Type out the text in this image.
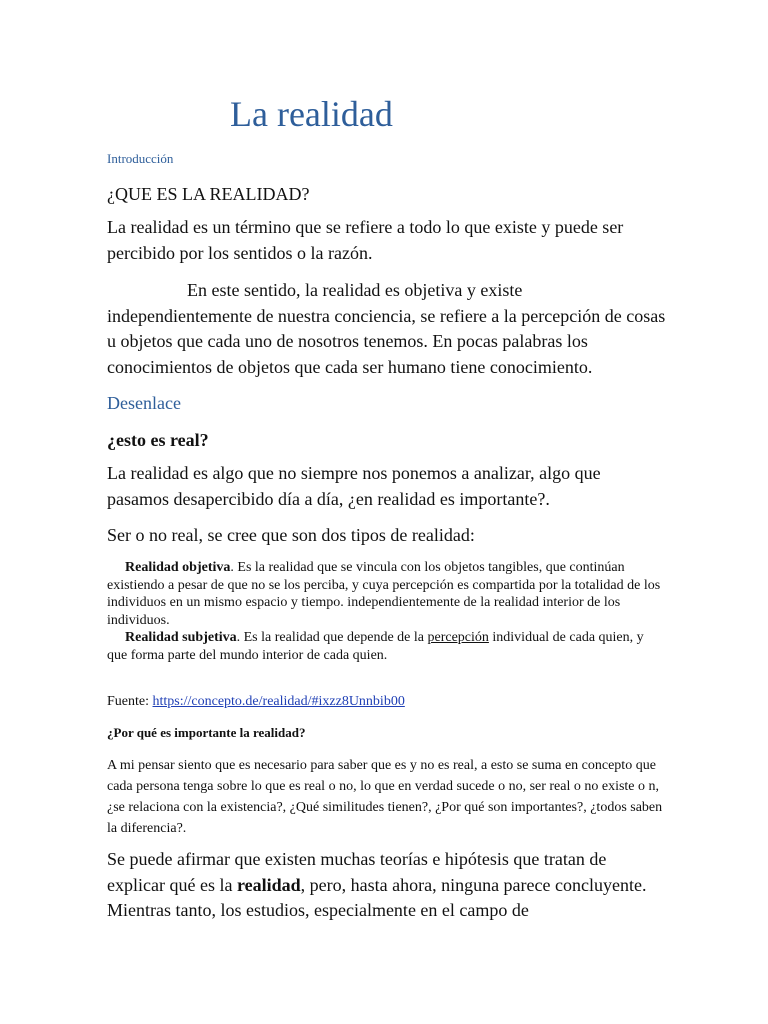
La realidad
Introducción

¿QUE ES LA REALIDAD?

La realidad es un término que se refiere a todo lo que existe y puede ser percibido por los sentidos o la razón.

En este sentido, la realidad es objetiva y existe independientemente de nuestra conciencia, se refiere a la percepción de cosas u objetos que cada uno de nosotros tenemos. En pocas palabras los conocimientos de objetos que cada ser humano tiene conocimiento.

Desenlace
¿esto es real?

La realidad es algo que no siempre nos ponemos a analizar, algo que pasamos desapercibido día a día, ¿en realidad es importante?.

Ser o no real, se cree que son dos tipos de realidad:

Realidad objetiva. Es la realidad que se vincula con los objetos tangibles, que continúan existiendo a pesar de que no se los perciba, y cuya percepción es compartida por la totalidad de los individuos en un mismo espacio y tiempo. independientemente de la realidad interior de los individuos.

Realidad subjetiva. Es la realidad que depende de la percepción individual de cada quien, y que forma parte del mundo interior de cada quien.

Fuente: https://concepto.de/realidad/#ixzz8Unnbib00
¿Por qué es importante la realidad?

A mi pensar siento que es necesario para saber que es y no es real, a esto se suma en concepto que cada persona tenga sobre lo que es real o no, lo que en verdad sucede o no, ser real o no existe o n,¿se relaciona con la existencia?, ¿Qué similitudes tienen?, ¿Por qué son importantes?, ¿todos saben la diferencia?.

Se puede afirmar que existen muchas teorías e hipótesis que tratan de explicar qué es la realidad, pero, hasta ahora, ninguna parece concluyente. Mientras tanto, los estudios, especialmente en el campo de
